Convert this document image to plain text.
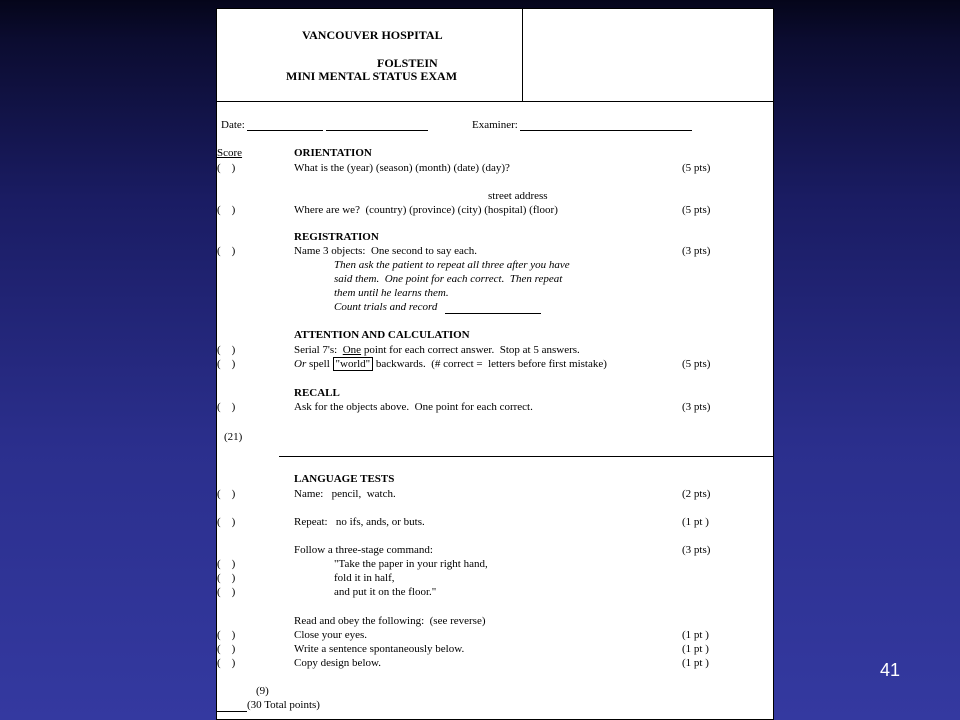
VANCOUVER HOSPITAL
FOLSTEIN
MINI MENTAL STATUS EXAM
Date:	Examiner:
Score	ORIENTATION
(    )	What is the (year) (season) (month) (date) (day)?	(5 pts)
street address
(    )	Where are we?  (country) (province) (city) (hospital) (floor)	(5 pts)
REGISTRATION
(    )	Name 3 objects:  One second to say each.	(3 pts)
Then ask the patient to repeat all three after you have
said them.  One point for each correct.  Then repeat
them until he learns them.
Count trials and record
ATTENTION AND CALCULATION
(    )	Serial 7's:  One point for each correct answer.  Stop at 5 answers.
(    )	Or spell "world" backwards.  (# correct =  letters before first mistake)	(5 pts)
RECALL
(    )	Ask for the objects above.  One point for each correct.	(3 pts)
(21)
LANGUAGE TESTS
(    )	Name:   pencil,  watch.	(2 pts)
(    )	Repeat:   no ifs, ands, or buts.	(1 pt )
Follow a three-stage command:	(3 pts)
(    )	"Take the paper in your right hand,
(    )	fold it in half,
(    )	and put it on the floor."
Read and obey the following:  (see reverse)
(    )	Close your eyes.	(1 pt )
(    )	Write a sentence spontaneously below.	(1 pt )
(    )	Copy design below.	(1 pt )
(9)
(30 Total points)
41
